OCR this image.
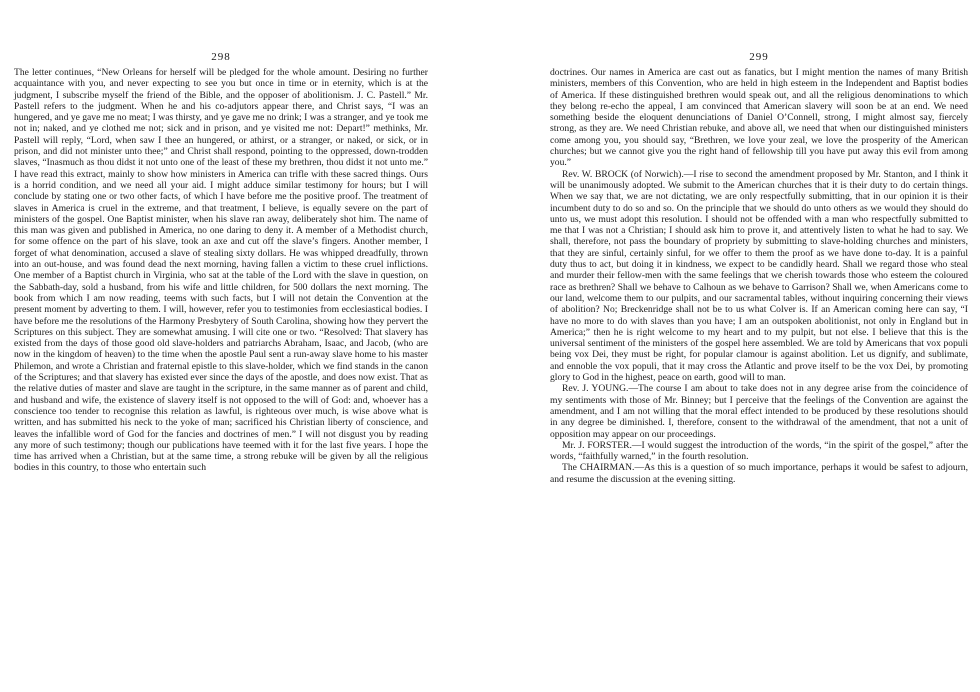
298

The letter continues, “New Orleans for herself will be pledged for the whole amount. Desiring no further acquaintance with you, and never expecting to see you but once in time or in eternity, which is at the judgment, I subscribe myself the friend of the Bible, and the opposer of abolitionism. J. C. Pastell.” Mr. Pastell refers to the judgment. When he and his co-adjutors appear there, and Christ says, “I was an hungered, and ye gave me no meat; I was thirsty, and ye gave me no drink; I was a stranger, and ye took me not in; naked, and ye clothed me not; sick and in prison, and ye visited me not: Depart!” methinks, Mr. Pastell will reply, “Lord, when saw I thee an hungered, or athirst, or a stranger, or naked, or sick, or in prison, and did not minister unto thee;” and Christ shall respond, pointing to the oppressed, down-trodden slaves, “Inasmuch as thou didst it not unto one of the least of these my brethren, thou didst it not unto me.” I have read this extract, mainly to show how ministers in America can trifle with these sacred things. Ours is a horrid condition, and we need all your aid. I might adduce similar testimony for hours; but I will conclude by stating one or two other facts, of which I have before me the positive proof. The treatment of slaves in America is cruel in the extreme, and that treatment, I believe, is equally severe on the part of ministers of the gospel. One Baptist minister, when his slave ran away, deliberately shot him. The name of this man was given and published in America, no one daring to deny it. A member of a Methodist church, for some offence on the part of his slave, took an axe and cut off the slave’s fingers. Another member, I forget of what denomination, accused a slave of stealing sixty dollars. He was whipped dreadfully, thrown into an out-house, and was found dead the next morning, having fallen a victim to these cruel inflictions. One member of a Baptist church in Virginia, who sat at the table of the Lord with the slave in question, on the Sabbath-day, sold a husband, from his wife and little children, for 500 dollars the next morning. The book from which I am now reading, teems with such facts, but I will not detain the Convention at the present moment by adverting to them. I will, however, refer you to testimonies from ecclesiastical bodies. I have before me the resolutions of the Harmony Presbytery of South Carolina, showing how they pervert the Scriptures on this subject. They are somewhat amusing. I will cite one or two. “Resolved: That slavery has existed from the days of those good old slave-holders and patriarchs Abraham, Isaac, and Jacob, (who are now in the kingdom of heaven) to the time when the apostle Paul sent a run-away slave home to his master Philemon, and wrote a Christian and fraternal epistle to this slave-holder, which we find stands in the canon of the Scriptures; and that slavery has existed ever since the days of the apostle, and does now exist. That as the relative duties of master and slave are taught in the scripture, in the same manner as of parent and child, and husband and wife, the existence of slavery itself is not opposed to the will of God: and, whoever has a conscience too tender to recognise this relation as lawful, is righteous over much, is wise above what is written, and has submitted his neck to the yoke of man; sacrificed his Christian liberty of conscience, and leaves the infallible word of God for the fancies and doctrines of men.” I will not disgust you by reading any more of such testimony; though our publications have teemed with it for the last five years. I hope the time has arrived when a Christian, but at the same time, a strong rebuke will be given by all the religious bodies in this country, to those who entertain such

299

doctrines. Our names in America are cast out as fanatics, but I might mention the names of many British ministers, members of this Convention, who are held in high esteem in the Independent and Baptist bodies of America. If these distinguished brethren would speak out, and all the religious denominations to which they belong re-echo the appeal, I am convinced that American slavery will soon be at an end. We need something beside the eloquent denunciations of Daniel O’Connell, strong, I might almost say, fiercely strong, as they are. We need Christian rebuke, and above all, we need that when our distinguished ministers come among you, you should say, “Brethren, we love your zeal, we love the prosperity of the American churches; but we cannot give you the right hand of fellowship till you have put away this evil from among you.”

Rev. W. BROCK (of Norwich).—I rise to second the amendment proposed by Mr. Stanton, and I think it will be unanimously adopted. We submit to the American churches that it is their duty to do certain things. When we say that, we are not dictating, we are only respectfully submitting, that in our opinion it is their incumbent duty to do so and so. On the principle that we should do unto others as we would they should do unto us, we must adopt this resolution. I should not be offended with a man who respectfully submitted to me that I was not a Christian; I should ask him to prove it, and attentively listen to what he had to say. We shall, therefore, not pass the boundary of propriety by submitting to slave-holding churches and ministers, that they are sinful, certainly sinful, for we offer to them the proof as we have done to-day. It is a painful duty thus to act, but doing it in kindness, we expect to be candidly heard. Shall we regard those who steal and murder their fellow-men with the same feelings that we cherish towards those who esteem the coloured race as brethren? Shall we behave to Calhoun as we behave to Garrison? Shall we, when Americans come to our land, welcome them to our pulpits, and our sacramental tables, without inquiring concerning their views of abolition? No; Breckenridge shall not be to us what Colver is. If an American coming here can say, “I have no more to do with slaves than you have; I am an outspoken abolitionist, not only in England but in America;” then he is right welcome to my heart and to my pulpit, but not else. I believe that this is the universal sentiment of the ministers of the gospel here assembled. We are told by Americans that vox populi being vox Dei, they must be right, for popular clamour is against abolition. Let us dignify, and sublimate, and ennoble the vox populi, that it may cross the Atlantic and prove itself to be the vox Dei, by promoting glory to God in the highest, peace on earth, good will to man.

Rev. J. YOUNG.—The course I am about to take does not in any degree arise from the coincidence of my sentiments with those of Mr. Binney; but I perceive that the feelings of the Convention are against the amendment, and I am not willing that the moral effect intended to be produced by these resolutions should in any degree be diminished. I, therefore, consent to the withdrawal of the amendment, that not a unit of opposition may appear on our proceedings.

Mr. J. FORSTER.—I would suggest the introduction of the words, “in the spirit of the gospel,” after the words, “faithfully warned,” in the fourth resolution.

The CHAIRMAN.—As this is a question of so much importance, perhaps it would be safest to adjourn, and resume the discussion at the evening sitting.
